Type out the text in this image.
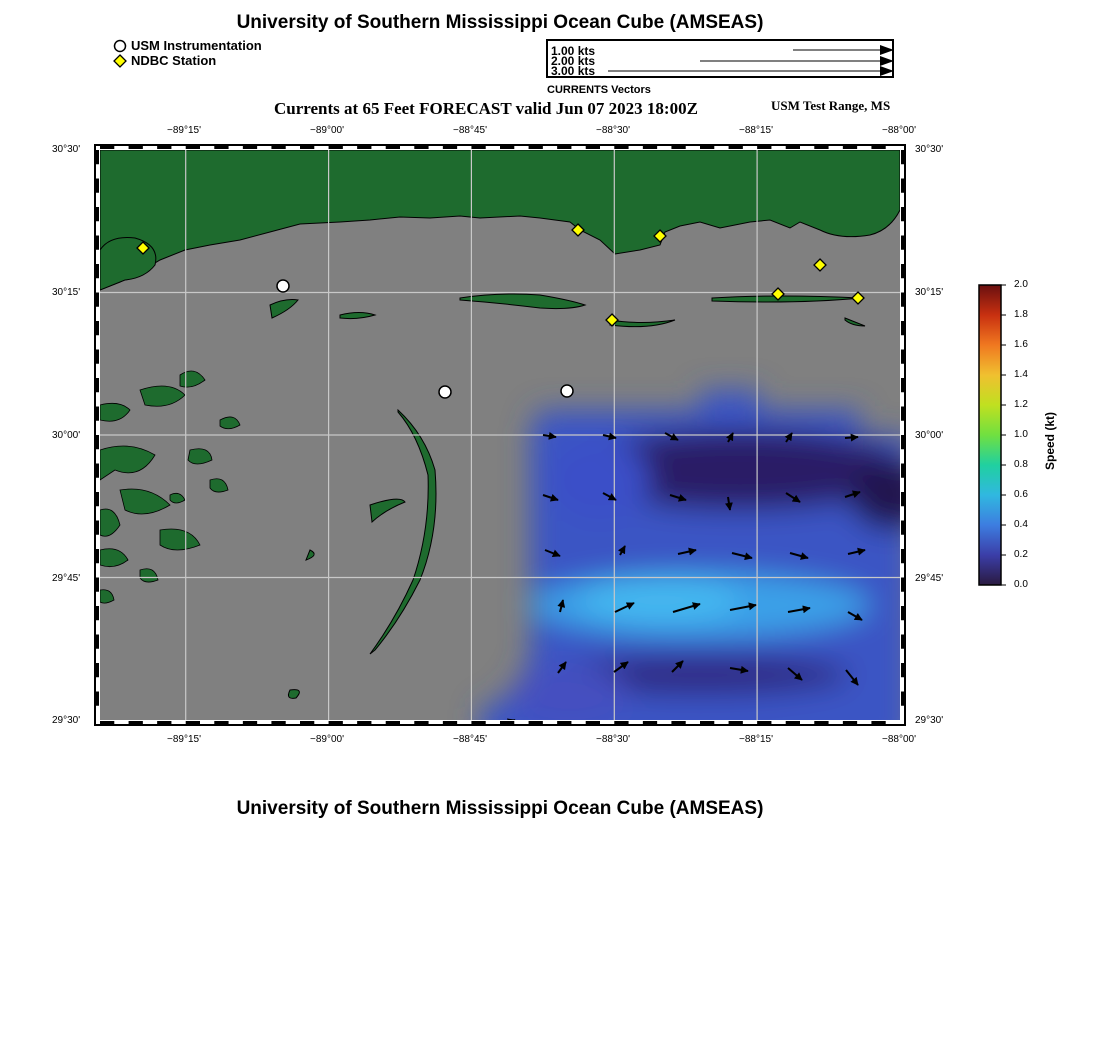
University of Southern Mississippi Ocean Cube (AMSEAS)
USM Instrumentation
NDBC Station
1.00 kts
2.00 kts
3.00 kts
CURRENTS Vectors
Currents at 65 Feet FORECAST valid Jun 07 2023 18:00Z	USM Test Range, MS
−89°15'	−89°00'	−88°45'	−88°30'	−88°15'	−88°00'
−89°15'	−89°00'	−88°45'	−88°30'	−88°15'	−88°00'
30°30'
30°15'
30°00'
29°45'
29°30'
30°30'
30°15'
30°00'
29°45'
29°30'
2.0
1.8
1.6
1.4
1.2
1.0
0.8
0.6
0.4
0.2
0.0
Speed (kt)
University of Southern Mississippi Ocean Cube (AMSEAS)
